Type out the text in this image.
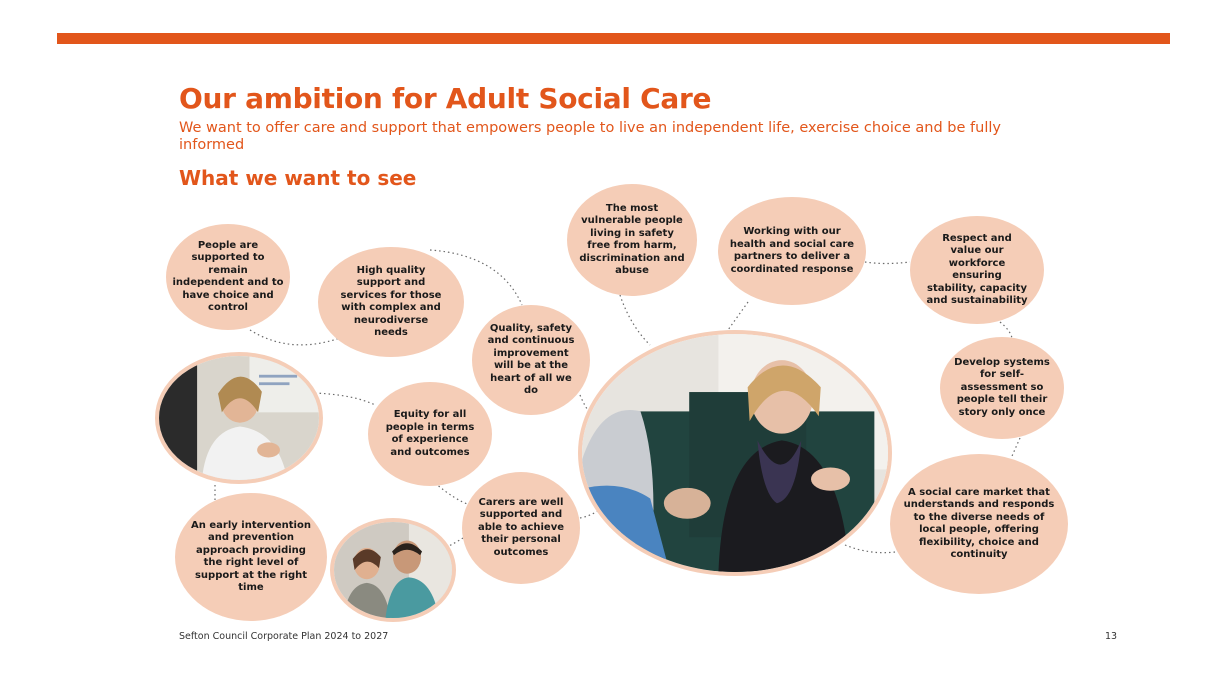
Our ambition for Adult Social Care

We want to offer care and support that empowers people to live an independent life, exercise choice and be fully informed

What we want to see
People are supported to remain independent and to have choice and control
High quality support and services for those with complex and neurodiverse needs	Quality, safety and continuous improvement will be at the heart of all we do
The most vulnerable people living in safety free from harm, discrimination and abuse
Working with our health and social care partners to deliver a coordinated response
Respect and value our workforce ensuring stability, capacity and sustainability
Develop systems for self-assessment so people tell their story only once
A social care market that understands and responds to the diverse needs of local people, offering flexibility, choice and continuity
Equity for all people in terms of experience and outcomes
Carers are well supported and able to achieve their personal outcomes
An early intervention and prevention approach providing the right level of support at the right time
Sefton Council Corporate Plan 2024 to 2027	13
